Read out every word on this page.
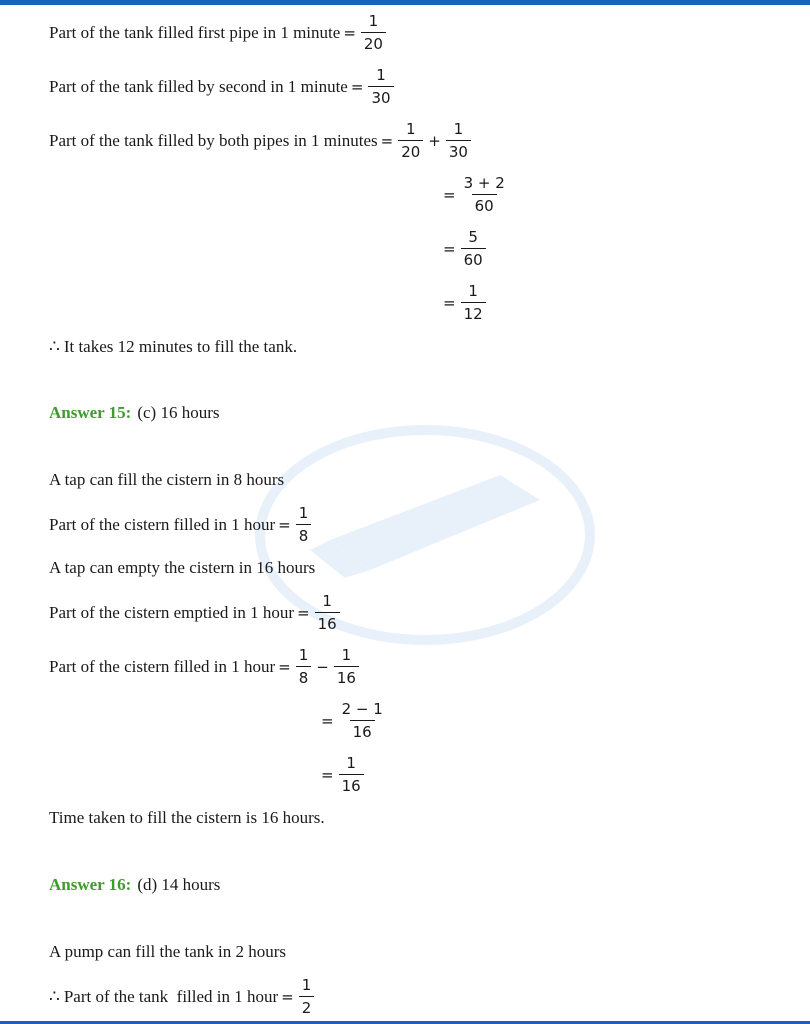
Part of the tank filled first pipe in 1 minute = $\frac{1}{20}$
Part of the tank filled by second in 1 minute = $\frac{1}{30}$
Part of the tank filled by both pipes in 1 minutes = $\frac{1}{20} + \frac{1}{30}$
= $\frac{3 + 2}{60}$
= $\frac{5}{60}$
= $\frac{1}{12}$
∴ It takes 12 minutes to fill the tank.
Answer 15: (c) 16 hours
A tap can fill the cistern in 8 hours
Part of the cistern filled in 1 hour = $\frac{1}{8}$
A tap can empty the cistern in 16 hours
Part of the cistern emptied in 1 hour = $\frac{1}{16}$
Part of the cistern filled in 1 hour = $\frac{1}{8} - \frac{1}{16}$
= $\frac{2 - 1}{16}$
= $\frac{1}{16}$
Time taken to fill the cistern is 16 hours.
Answer 16: (d) 14 hours
A pump can fill the tank in 2 hours
∴ Part of the tank  filled in 1 hour = $\frac{1}{2}$
